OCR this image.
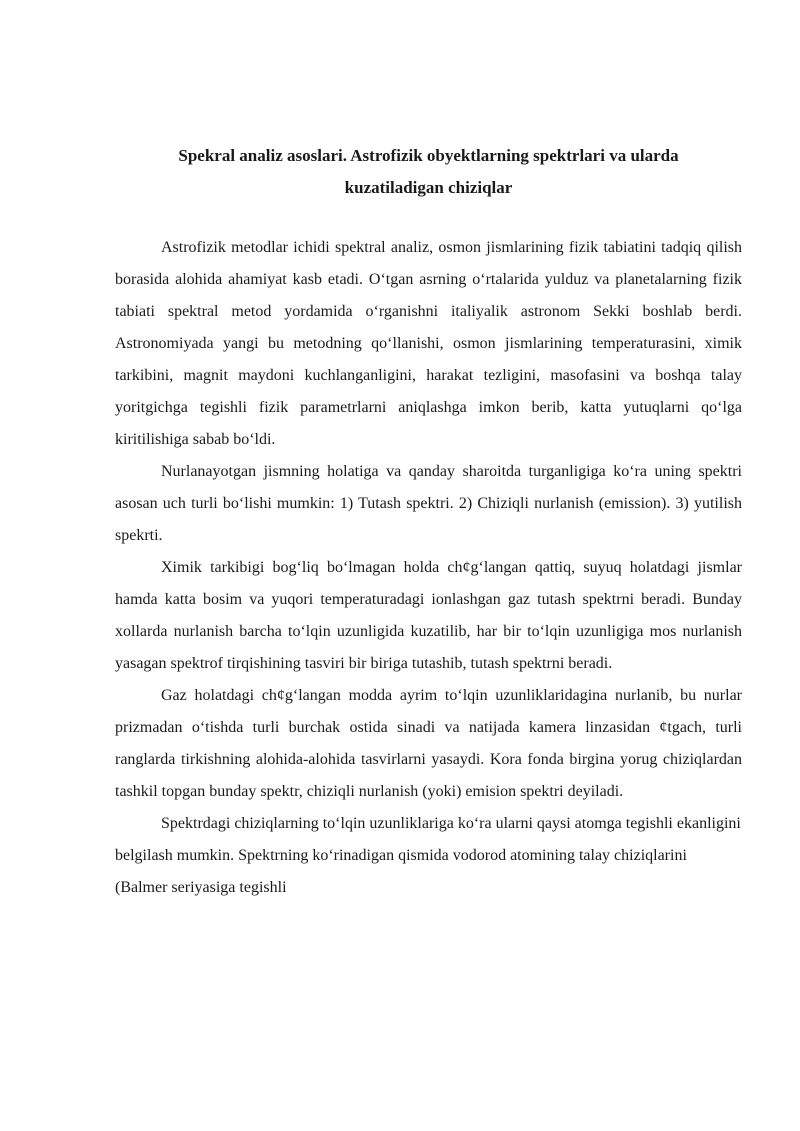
Spekral analiz asoslari. Astrofizik obyektlarning spektrlari va ularda
kuzatiladigan chiziqlar

Astrofizik metodlar ichidi spektral analiz, osmon jismlarining fizik tabiatini tadqiq qilish borasida alohida ahamiyat kasb etadi. O‘tgan asrning o‘rtalarida yulduz va planetalarning fizik tabiati spektral metod yordamida o‘rganishni italiyalik astronom Sekki boshlab berdi. Astronomiyada yangi bu metodning qo‘llanishi, osmon jismlarining temperaturasini, ximik tarkibini, magnit maydoni kuchlanganligini, harakat tezligini, masofasini va boshqa talay yoritgichga tegishli fizik parametrlarni aniqlashga imkon berib, katta yutuqlarni qo‘lga kiritilishiga sabab bo‘ldi.

Nurlanayotgan jismning holatiga va qanday sharoitda turganligiga ko‘ra uning spektri asosan uch turli bo‘lishi mumkin: 1) Tutash spektri. 2) Chiziqli nurlanish (emission). 3) yutilish spekrti.

Ximik tarkibigi bog‘liq bo‘lmagan holda ch¢g‘langan qattiq, suyuq holatdagi jismlar hamda katta bosim va yuqori temperaturadagi ionlashgan gaz tutash spektrni beradi. Bunday xollarda nurlanish barcha to‘lqin uzunligida kuzatilib, har bir to‘lqin uzunligiga mos nurlanish yasagan spektrof tirqishining tasviri bir biriga tutashib, tutash spektrni beradi.

Gaz holatdagi ch¢g‘langan modda ayrim to‘lqin uzunliklaridagina nurlanib, bu nurlar prizmadan o‘tishda turli burchak ostida sinadi va natijada kamera linzasidan ¢tgach, turli ranglarda tirkishning alohida-alohida tasvirlarni yasaydi. Kora fonda birgina yorug chiziqlardan tashkil topgan bunday spektr, chiziqli nurlanish (yoki) emision spektri deyiladi.

Spektrdagi chiziqlarning to‘lqin uzunliklariga ko‘ra ularni qaysi atomga tegishli ekanligini belgilash mumkin. Spektrning ko‘rinadigan qismida vodorod atomining talay chiziqlarini (Balmer seriyasiga tegishli
